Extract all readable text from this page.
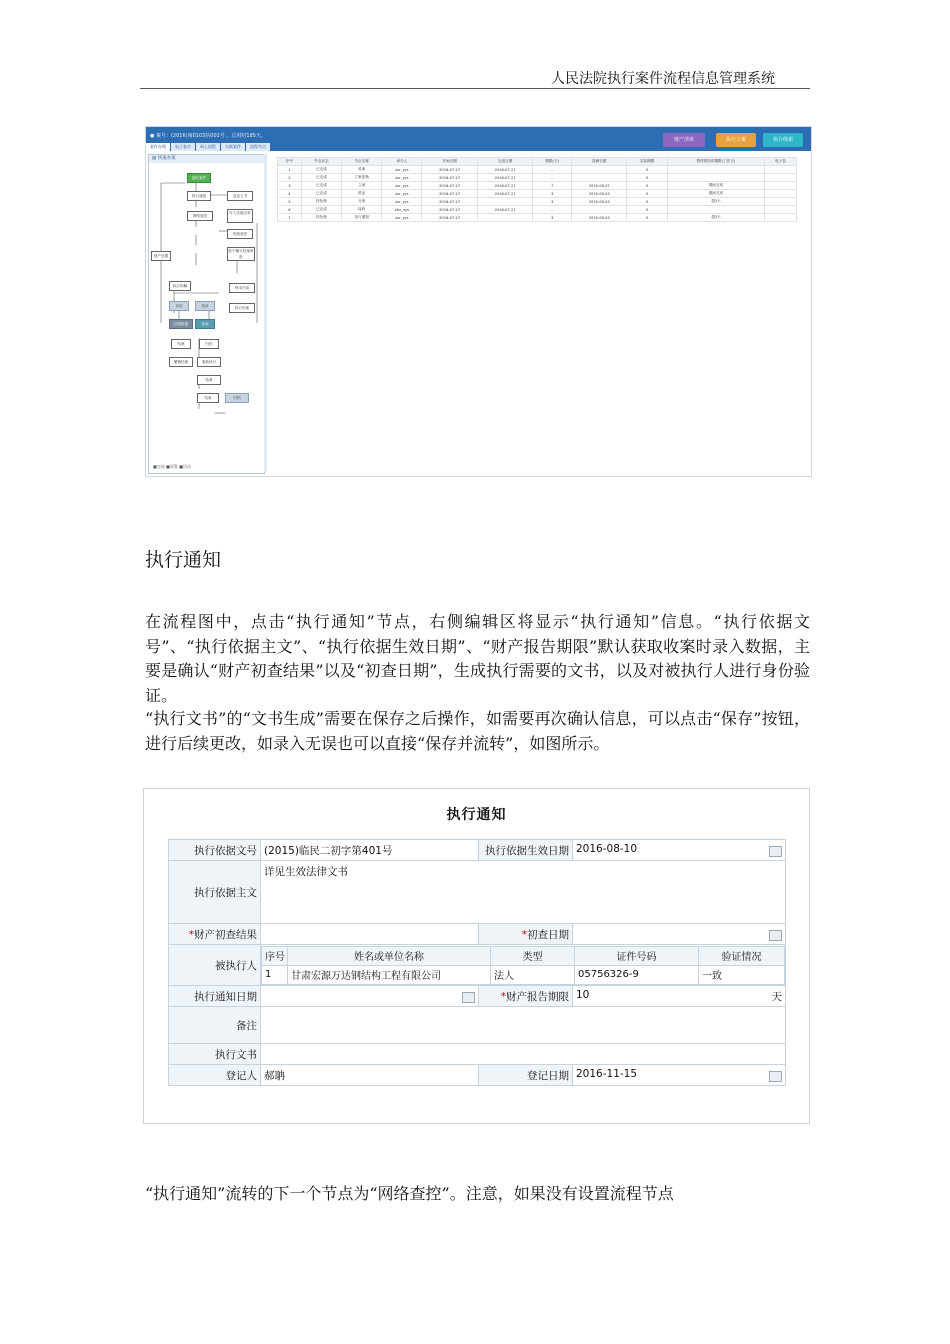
人民法院执行案件流程信息管理系统
● 案号：(2016)闽0103执001号 ，总用时185天。
财产清单	执行立案	执行线索
案件办理 电子卷宗 网上流程 关联案件 流程节点
▤ 快速办案
接收案件
执行通知	送达文书
网络查控
写入实施名单
传统查控
拒不履行结案审批
财产处置
执行和解	终本约谈
评估	拍卖	执行结案
以物抵债	变卖
结案	归档
撤销结案	重新执行
结案
结案	归档
■完成 ■预警 ■活动
序号	节点状态	节点名称	承办人	开始日期	完成日期	期限(天)	届满日期	实际期限	暂停原因或期限(工作日)	电子卷
1	已完成	收案	zxr_sys	2016-07-27	2016-07-27	--		0		
2	已完成	立案复核	zxr_sys	2016-07-27	2016-07-27	--		0		
3	已完成	立案	zxr_sys	2016-07-27	2016-07-27	7	2016-08-07	0	期间完成	
4	已完成	派品	zxr_sys	2016-07-27	2016-07-27	3	2016-08-03	0	期间完成	
5	待处理	分案	zxr_sys	2016-07-27		3	2016-08-03	0	超3天	
6	已完成	接收	zfsr_sys	2016-07-27	2016-07-27	--		0		
7	待处理	执行通知	zxr_sys	2016-07-27		3	2016-08-03	0	超3天	
执行通知

在流程图中，点击“执行通知”节点，右侧编辑区将显示“执行通知”信息。“执行依据文号”、“执行依据主文”、“执行依据生效日期”、“财产报告期限”默认获取收案时录入数据，主要是确认“财产初查结果”以及“初查日期”，生成执行需要的文书，以及对被执行人进行身份验证。

“执行文书”的“文书生成”需要在保存之后操作，如需要再次确认信息，可以点击“保存”按钮，进行后续更改，如录入无误也可以直接“保存并流转”，如图所示。

执行通知
执行依据文号	(2015)临民二初字第401号	执行依据生效日期	2016-08-10

执行依据主文	详见生效法律文书
*财产初查结果		*初查日期	

被执行人	
序号	姓名或单位名称	类型	证件号码	验证情况
1	甘肃宏源万达钢结构工程有限公司	法人	05756326-9	一致

执行通知日期		*财产报告期限	10	天

备注	
执行文书	
登记人	郝聃	登记日期	2016-11-15

“执行通知”流转的下一个节点为“网络查控”。注意，如果没有设置流程节点
